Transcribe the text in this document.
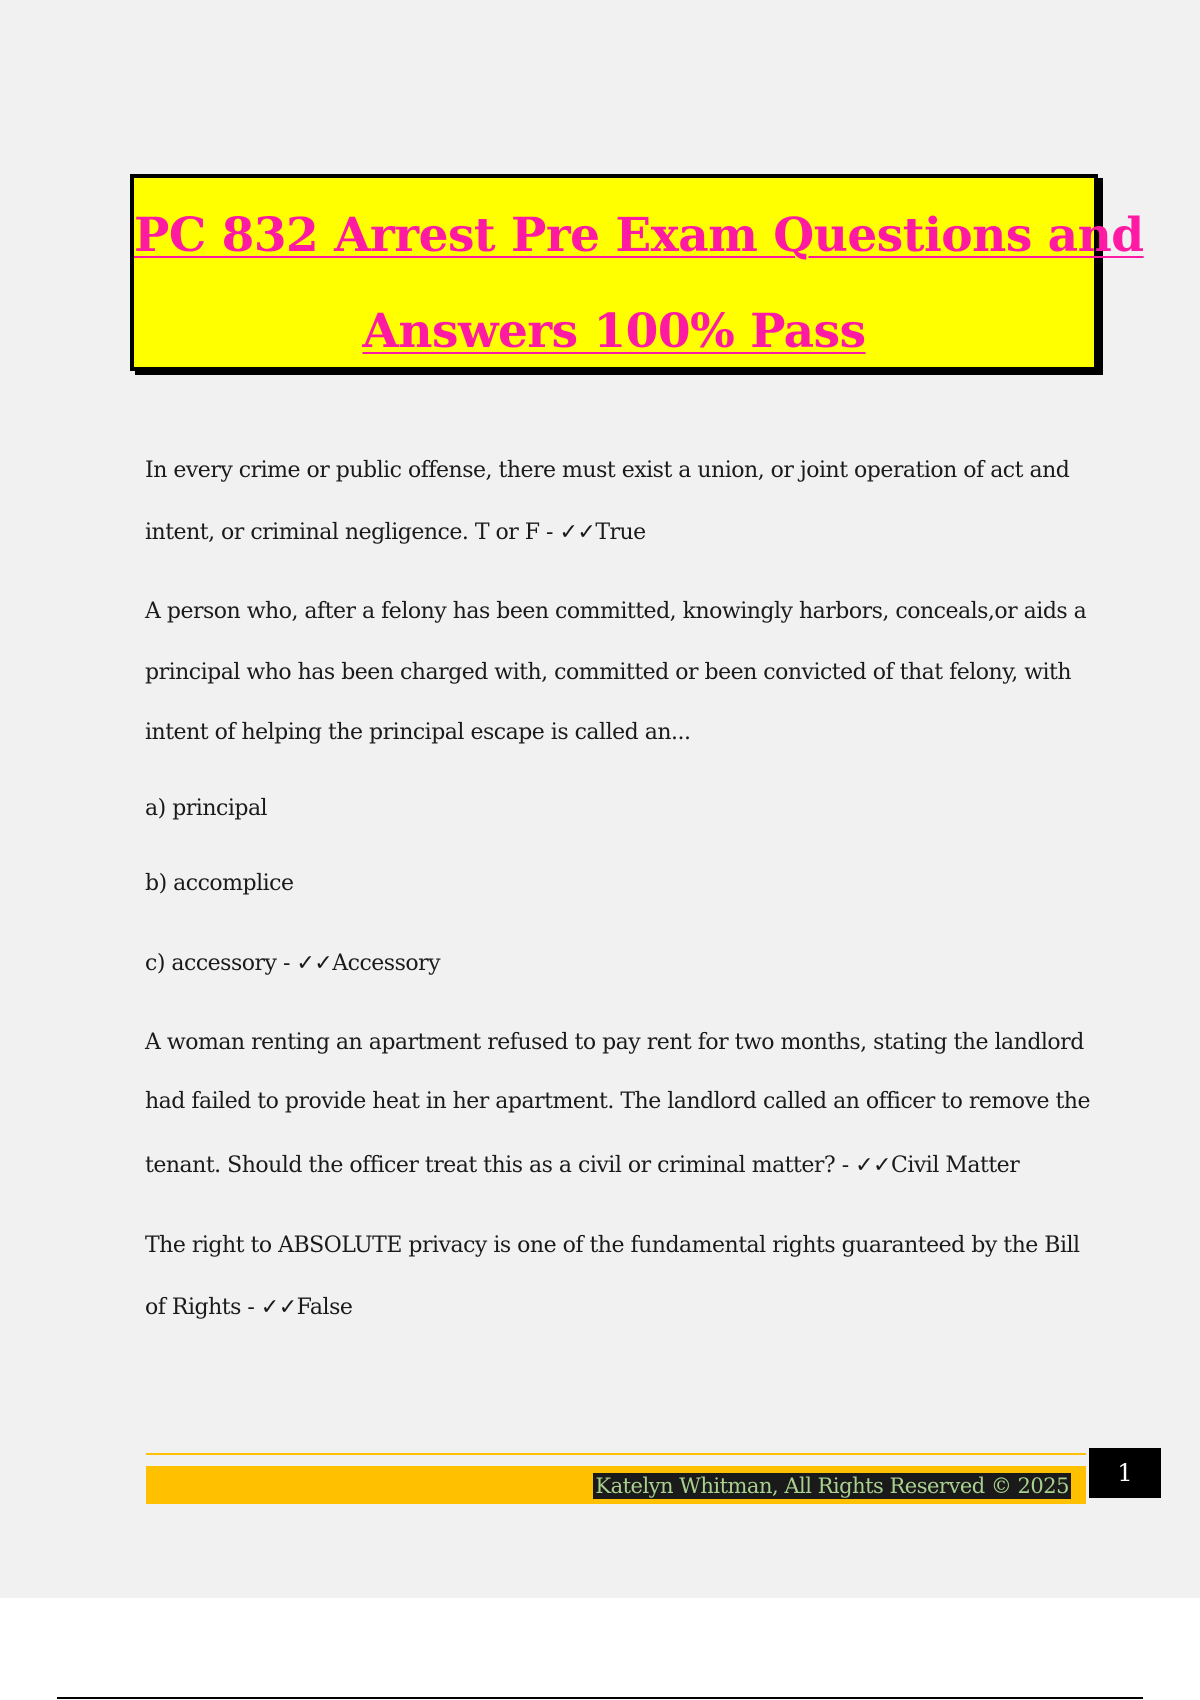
PC 832 Arrest Pre Exam Questions and
Answers 100% Pass
In every crime or public offense, there must exist a union, or joint operation of act and
intent, or criminal negligence. T or F - ✓✓True
A person who, after a felony has been committed, knowingly harbors, conceals,or aids a
principal who has been charged with, committed or been convicted of that felony, with
intent of helping the principal escape is called an...
a) principal
b) accomplice
c) accessory - ✓✓Accessory
A woman renting an apartment refused to pay rent for two months, stating the landlord
had failed to provide heat in her apartment. The landlord called an officer to remove the
tenant. Should the officer treat this as a civil or criminal matter? - ✓✓Civil Matter
The right to ABSOLUTE privacy is one of the fundamental rights guaranteed by the Bill
of Rights - ✓✓False
Katelyn Whitman, All Rights Reserved © 2025	1
